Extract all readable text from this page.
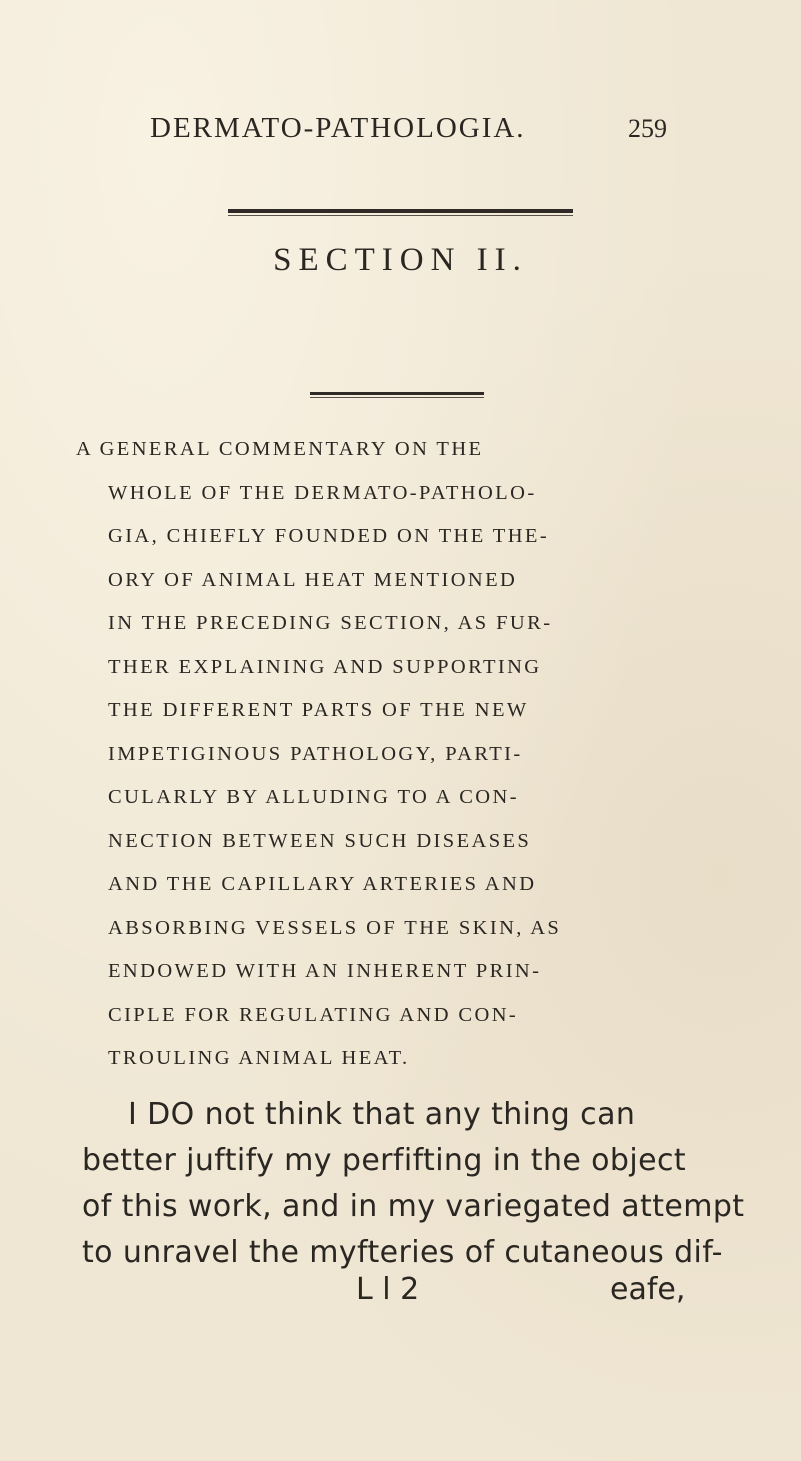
DERMATO-PATHOLOGIA.	259
SECTION II.
A GENERAL COMMENTARY ON THE
WHOLE OF THE DERMATO-PATHOLO-
GIA, CHIEFLY FOUNDED ON THE THE-
ORY OF ANIMAL HEAT MENTIONED
IN THE PRECEDING SECTION, AS FUR-
THER EXPLAINING AND SUPPORTING
THE DIFFERENT PARTS OF THE NEW
IMPETIGINOUS PATHOLOGY, PARTI-
CULARLY BY ALLUDING TO A CON-
NECTION BETWEEN SUCH DISEASES
AND THE CAPILLARY ARTERIES AND
ABSORBING VESSELS OF THE SKIN, AS
ENDOWED WITH AN INHERENT PRIN-
CIPLE FOR REGULATING AND CON-
TROULING ANIMAL HEAT.
I DO not think that any thing can
better juftify my perfifting in the object
of this work, and in my variegated attempt
to unravel the myfteries of cutaneous dif-
L l 2	eafe,
